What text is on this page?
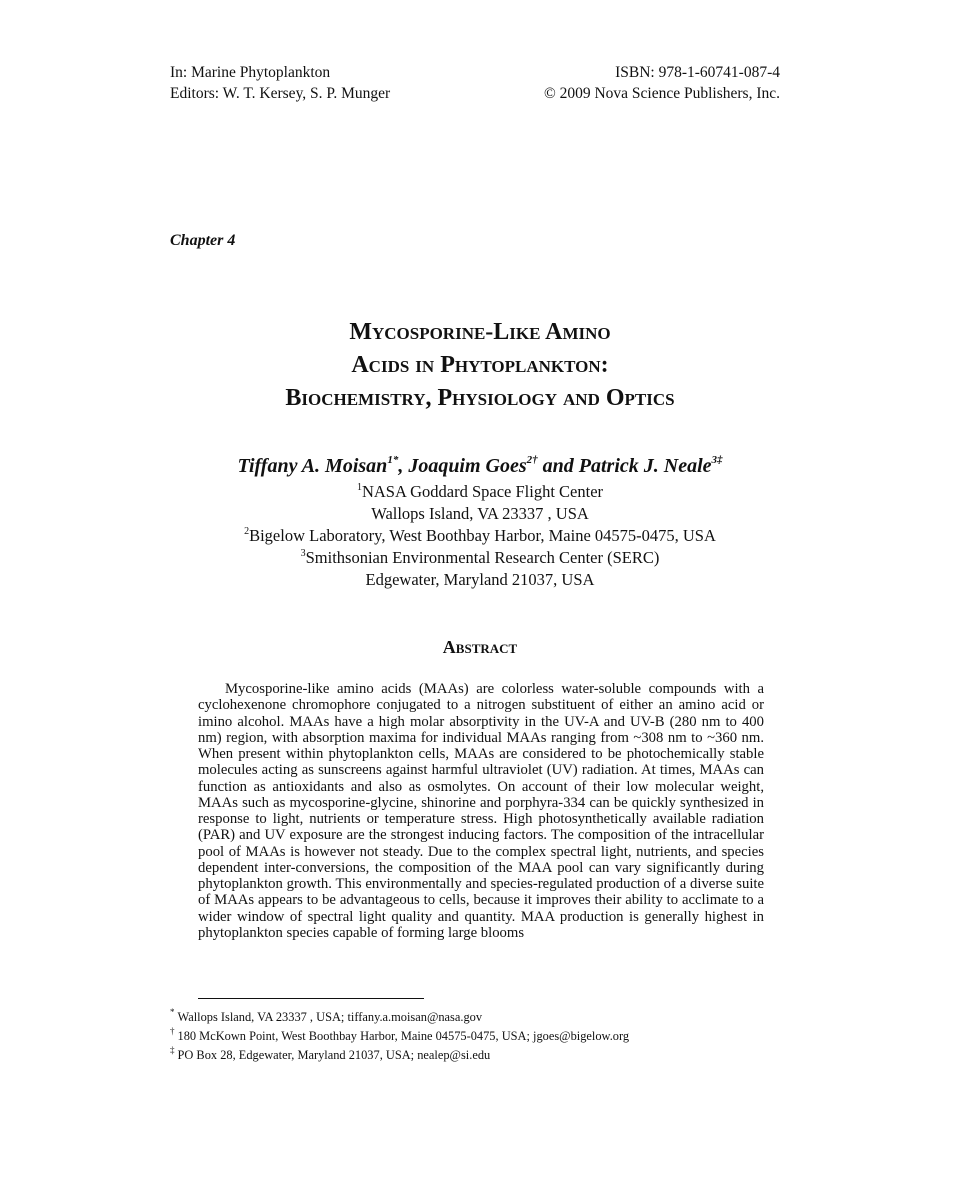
In: Marine Phytoplankton
Editors: W. T. Kersey, S. P. Munger
ISBN: 978-1-60741-087-4
© 2009 Nova Science Publishers, Inc.
Chapter 4
Mycosporine-Like Amino
Acids in Phytoplankton:
Biochemistry, Physiology and Optics
Tiffany A. Moisan$^{1*}$, Joaquim Goes$^{2\dagger}$ and Patrick J. Neale$^{3\ddagger}$
$^1$NASA Goddard Space Flight Center
Wallops Island, VA 23337 , USA
$^2$Bigelow Laboratory, West Boothbay Harbor, Maine 04575-0475, USA
$^3$Smithsonian Environmental Research Center (SERC)
Edgewater, Maryland 21037, USA
Abstract
Mycosporine-like amino acids (MAAs) are colorless water-soluble compounds with a cyclohexenone chromophore conjugated to a nitrogen substituent of either an amino acid or imino alcohol. MAAs have a high molar absorptivity in the UV-A and UV-B (280 nm to 400 nm) region, with absorption maxima for individual MAAs ranging from ~308 nm to ~360 nm. When present within phytoplankton cells, MAAs are considered to be photochemically stable molecules acting as sunscreens against harmful ultraviolet (UV) radiation. At times, MAAs can function as antioxidants and also as osmolytes. On account of their low molecular weight, MAAs such as mycosporine-glycine, shinorine and porphyra-334 can be quickly synthesized in response to light, nutrients or temperature stress. High photosynthetically available radiation (PAR) and UV exposure are the strongest inducing factors. The composition of the intracellular pool of MAAs is however not steady. Due to the complex spectral light, nutrients, and species dependent inter-conversions, the composition of the MAA pool can vary significantly during phytoplankton growth. This environmentally and species-regulated production of a diverse suite of MAAs appears to be advantageous to cells, because it improves their ability to acclimate to a wider window of spectral light quality and quantity. MAA production is generally highest in phytoplankton species capable of forming large blooms
* Wallops Island, VA 23337 , USA; tiffany.a.moisan@nasa.gov
† 180 McKown Point, West Boothbay Harbor, Maine 04575-0475, USA; jgoes@bigelow.org
‡ PO Box 28, Edgewater, Maryland 21037, USA; nealep@si.edu
